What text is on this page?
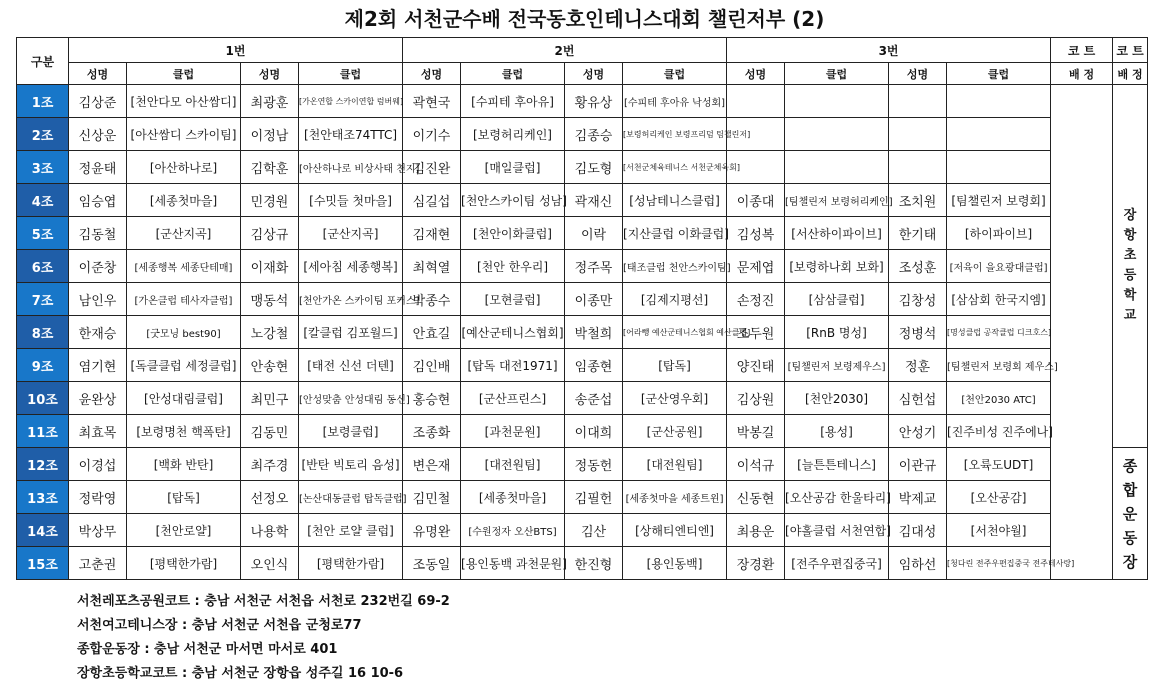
제2회 서천군수배 전국동호인테니스대회 챌린저부 (2)
구분	1번				2번				3번				코 트	코 트
	성명	클럽	성명	클럽	성명	클럽	성명	클럽	성명	클럽	성명	클럽	배 정	배 정
1조	김상준	[천안다모 아산쌈디]	최광훈	[가온연합 스카이연합 럼버웨]	곽현국	[수피테 후아유]	황유상	[수피테 후아유 낙성회]						장항초등학교
2조	신상운	[아산쌈디 스카이팀]	이정남	[천안태조74TTC]	이기수	[보령허리케인]	김종승	[보령허리케인 보령프리덤 팀챌린저]						
3조	정윤태	[아산하나로]	김학훈	[아산하나로 비상사태 천지]	김진완	[매일클럽]	김도형	[서천군체육테니스 서천군체육회]						
4조	임승엽	[세종첫마을]	민경원	[수밋들 첫마을]	심길섭	[천안스카이팀 성남]	곽재신	[성남테니스클럽]	이종대	[팀챌린저 보령허리케인]	조치원	[팀챌린저 보령회]		
5조	김동철	[군산지곡]	김상규	[군산지곡]	김재현	[천안이화클럽]	이락	[지산클럽 이화클럽]	김성복	[서산하이파이브]	한기태	[하이파이브]		
6조	이준창	[세종행복 세종단테매]	이재화	[세아침 세종행복]	최혁열	[천안 한우리]	정주목	[태조클럽 천안스카이팀]	문제엽	[보령하나회 보화]	조성훈	[저육이 을요광대클럽]		
7조	남인우	[가온클럽 테사자클럽]	맹동석	[천안가온 스카이팀 포커스]	박종수	[모현클럽]	이종만	[김제지평선]	손정진	[삼삼클럽]	김창성	[삼삼회 한국지엠]		
8조	한재승	[굿모닝 best90]	노강철	[칼클럽 김포월드]	안효길	[예산군테니스협회]	박철희	[어라뺑 예산군테니스협회 예산클럽]	조두원	[RnB 명성]	정병석	[명성클럽 공작클럽 디크호스]		
9조	염기현	[독클클럽 세정클럽]	안송현	[태전 신선 더텐]	김인배	[탑독 대전1971]	임종현	[탑독]	양진태	[팀챌린저 보령제우스]	정훈	[팀챌린저 보령회 제우스]		
10조	윤완상	[안성대림클럽]	최민구	[안성맞춤 안성대림 동신]	홍승현	[군산프린스]	송준섭	[군산영우회]	김상원	[천안2030]	심헌섭	[천안2030 ATC]		
11조	최효목	[보령명천 핵폭탄]	김동민	[보령클럽]	조종화	[과천문원]	이대희	[군산공원]	박봉길	[용성]	안성기	[진주비성 진주에나]		
12조	이경섭	[백화 반탄]	최주경	[반탄 빅토리 음성]	변은재	[대전원팀]	정동헌	[대전원팀]	이석규	[늘튼튼테니스]	이관규	[오륙도UDT]		종합운동장
13조	정락영	[탑독]	선정오	[논산대동클럽 탑독클럽]	김민철	[세종첫마을]	김필헌	[세종첫마을 세종트윈]	신동현	[오산공감 한울타리]	박제교	[오산공감]		
14조	박상무	[천안로얄]	나용학	[천안 로얄 클럽]	유명완	[수원정자 오산BTS]	김산	[상해티엔티엔]	최용운	[야홀클럽 서천연합]	김대성	[서천야월]		
15조	고춘권	[평택한가람]	오인식	[평택한가람]	조동일	[용인동백 과천문원]	한진형	[용인동백]	장경환	[전주우편집중국]	임하선	[청다린 전주우편집중국 전주테사랑]		
서천레포츠공원코트 : 충남 서천군 서천읍 서천로 232번길 69-2
서천여고테니스장 : 충남 서천군 서천읍 군청로77
종합운동장 : 충남 서천군 마서면 마서로 401
장항초등학교코트 : 충남 서천군 장항읍 성주길 16 10-6
